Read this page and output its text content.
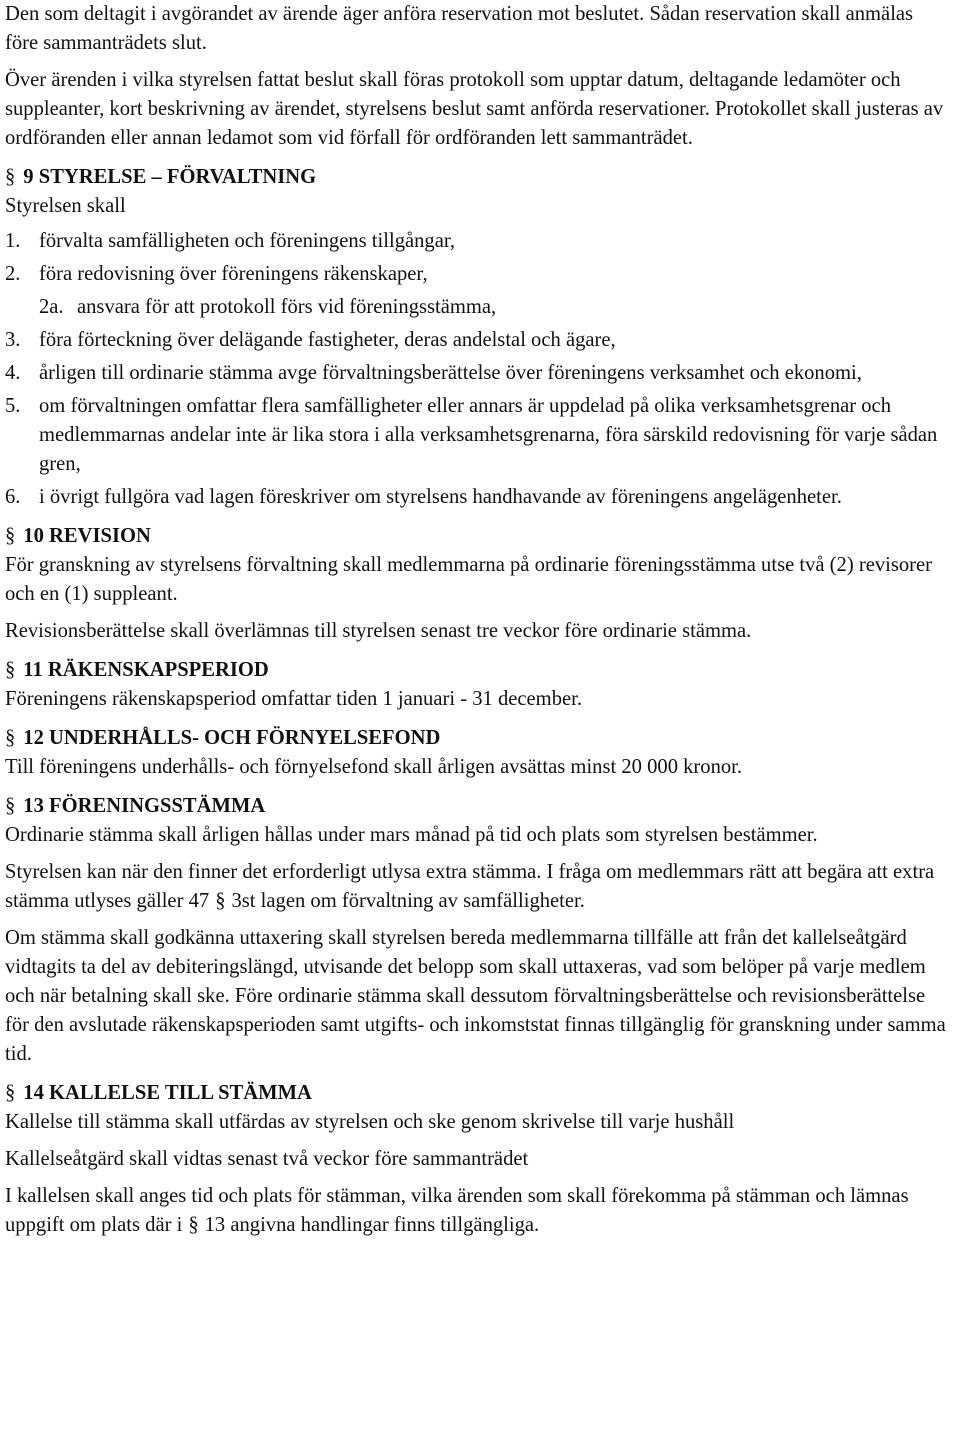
Den som deltagit i avgörandet av ärende äger anföra reservation mot beslutet. Sådan reservation skall anmälas före sammanträdets slut.

Över ärenden i vilka styrelsen fattat beslut skall föras protokoll som upptar datum, deltagande ledamöter och suppleanter, kort beskrivning av ärendet, styrelsens beslut samt anförda reservationer. Protokollet skall justeras av ordföranden eller annan ledamot som vid förfall för ordföranden lett sammanträdet.

§ 9 STYRELSE – FÖRVALTNING

Styrelsen skall

1. förvalta samfälligheten och föreningens tillgångar,
2. föra redovisning över föreningens räkenskaper,
2a. ansvara för att protokoll förs vid föreningsstämma,
3. föra förteckning över delägande fastigheter, deras andelstal och ägare,
4. årligen till ordinarie stämma avge förvaltningsberättelse över föreningens verksamhet och ekonomi,
5. om förvaltningen omfattar flera samfälligheter eller annars är uppdelad på olika verksamhetsgrenar och medlemmarnas andelar inte är lika stora i alla verksamhetsgrenarna, föra särskild redovisning för varje sådan gren,
6. i övrigt fullgöra vad lagen föreskriver om styrelsens handhavande av föreningens angelägenheter.
§ 10 REVISION

För granskning av styrelsens förvaltning skall medlemmarna på ordinarie föreningsstämma utse två (2) revisorer och en (1) suppleant.

Revisionsberättelse skall överlämnas till styrelsen senast tre veckor före ordinarie stämma.

§ 11 RÄKENSKAPSPERIOD

Föreningens räkenskapsperiod omfattar tiden 1 januari - 31 december.

§ 12 UNDERHÅLLS- OCH FÖRNYELSEFOND

Till föreningens underhålls- och förnyelsefond skall årligen avsättas minst 20 000 kronor.

§ 13 FÖRENINGSSTÄMMA

Ordinarie stämma skall årligen hållas under mars månad på tid och plats som styrelsen bestämmer.

Styrelsen kan när den finner det erforderligt utlysa extra stämma. I fråga om medlemmars rätt att begära att extra stämma utlyses gäller 47 § 3st lagen om förvaltning av samfälligheter.

Om stämma skall godkänna uttaxering skall styrelsen bereda medlemmarna tillfälle att från det kallelseåtgärd vidtagits ta del av debiteringslängd, utvisande det belopp som skall uttaxeras, vad som belöper på varje medlem och när betalning skall ske. Före ordinarie stämma skall dessutom förvaltningsberättelse och revisionsberättelse för den avslutade räkenskapsperioden samt utgifts- och inkomststat finnas tillgänglig för granskning under samma tid.

§ 14 KALLELSE TILL STÄMMA

Kallelse till stämma skall utfärdas av styrelsen och ske genom skrivelse till varje hushåll

Kallelseåtgärd skall vidtas senast två veckor före sammanträdet

I kallelsen skall anges tid och plats för stämman, vilka ärenden som skall förekomma på stämman och lämnas uppgift om plats där i § 13 angivna handlingar finns tillgängliga.
